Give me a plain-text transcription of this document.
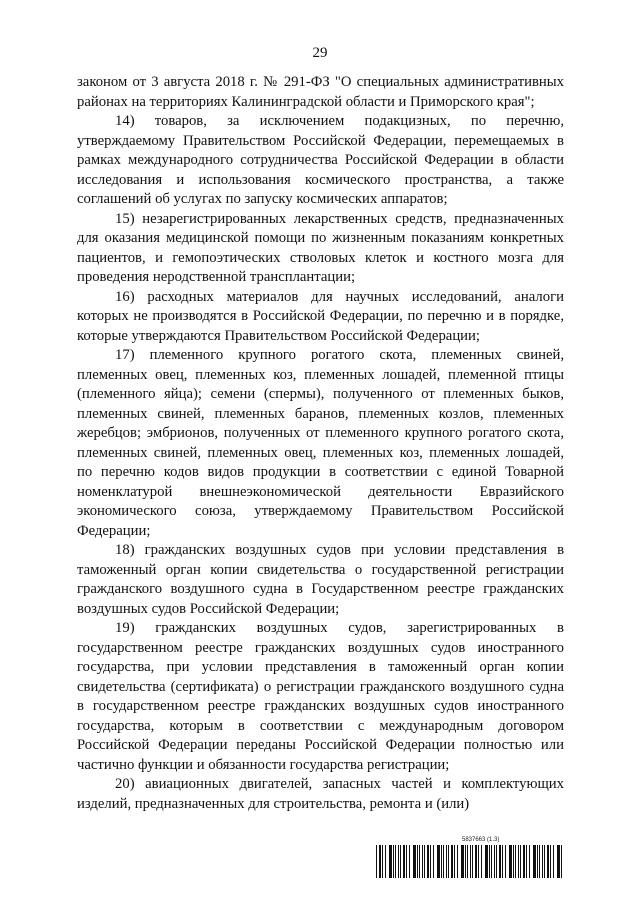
29

законом от 3 августа 2018 г. № 291-ФЗ "О специальных административных районах на территориях Калининградской области и Приморского края";

14) товаров, за исключением подакцизных, по перечню, утверждаемому Правительством Российской Федерации, перемещаемых в рамках международного сотрудничества Российской Федерации в области исследования и использования космического пространства, а также соглашений об услугах по запуску космических аппаратов;

15) незарегистрированных лекарственных средств, предназначенных для оказания медицинской помощи по жизненным показаниям конкретных пациентов, и гемопоэтических стволовых клеток и костного мозга для проведения неродственной трансплантации;

16) расходных материалов для научных исследований, аналоги которых не производятся в Российской Федерации, по перечню и в порядке, которые утверждаются Правительством Российской Федерации;

17) племенного крупного рогатого скота, племенных свиней, племенных овец, племенных коз, племенных лошадей, племенной птицы (племенного яйца); семени (спермы), полученного от племенных быков, племенных свиней, племенных баранов, племенных козлов, племенных жеребцов; эмбрионов, полученных от племенного крупного рогатого скота, племенных свиней, племенных овец, племенных коз, племенных лошадей, по перечню кодов видов продукции в соответствии с единой Товарной номенклатурой внешнеэкономической деятельности Евразийского экономического союза, утверждаемому Правительством Российской Федерации;

18) гражданских воздушных судов при условии представления в таможенный орган копии свидетельства о государственной регистрации гражданского воздушного судна в Государственном реестре гражданских воздушных судов Российской Федерации;

19) гражданских воздушных судов, зарегистрированных в государственном реестре гражданских воздушных судов иностранного государства, при условии представления в таможенный орган копии свидетельства (сертификата) о регистрации гражданского воздушного судна в государственном реестре гражданских воздушных судов иностранного государства, которым в соответствии с международным договором Российской Федерации переданы Российской Федерации полностью или частично функции и обязанности государства регистрации;

20) авиационных двигателей, запасных частей и комплектующих изделий, предназначенных для строительства, ремонта и (или)

5837663 (1.3)
